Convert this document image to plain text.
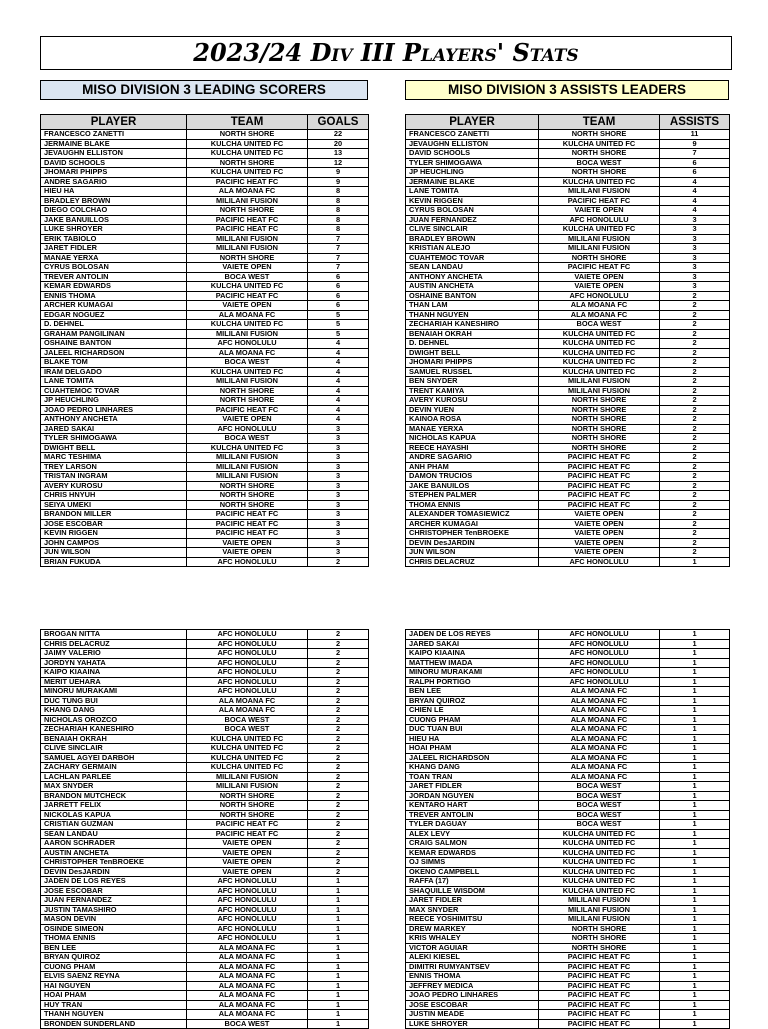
2023/24 Div III Players' Stats
MISO DIVISION 3 LEADING SCORERS	MISO DIVISION 3 ASSISTS LEADERS
PLAYER	TEAM	GOALS
FRANCESCO ZANETTI	NORTH SHORE	22
JERMAINE BLAKE	KULCHA UNITED FC	20
JEVAUGHN ELLISTON	KULCHA UNITED FC	13
DAVID SCHOOLS	NORTH SHORE	12
JHOMARI PHIPPS	KULCHA UNITED FC	9
ANDRE SAGARIO	PACIFIC HEAT FC	9
HIEU HA	ALA MOANA FC	8
BRADLEY BROWN	MILILANI FUSION	8
DIEGO COLCHAO	NORTH SHORE	8
JAKE BANUILLOS	PACIFIC HEAT FC	8
LUKE SHROYER	PACIFIC HEAT FC	8
ERIK TABIOLO	MILILANI FUSION	7
JARET FIDLER	MILILANI FUSION	7
MANAE YERXA	NORTH SHORE	7
CYRUS BOLOSAN	VAIETE OPEN	7
TREVER ANTOLIN	BOCA WEST	6
KEMAR EDWARDS	KULCHA UNITED FC	6
ENNIS THOMA	PACIFIC HEAT FC	6
ARCHER KUMAGAI	VAIETE OPEN	6
EDGAR NOGUEZ	ALA MOANA FC	5
D. DEHNEL	KULCHA UNITED FC	5
GRAHAM PANGILINAN	MILILANI FUSION	5
OSHAINE BANTON	AFC HONOLULU	4
JALEEL RICHARDSON	ALA MOANA FC	4
BLAKE TOM	BOCA WEST	4
IRAM DELGADO	KULCHA UNITED FC	4
LANE TOMITA	MILILANI FUSION	4
CUAHTEMOC TOVAR	NORTH SHORE	4
JP HEUCHLING	NORTH SHORE	4
JOAO PEDRO LINHARES	PACIFIC HEAT FC	4
ANTHONY ANCHETA	VAIETE OPEN	4
JARED SAKAI	AFC HONOLULU	3
TYLER SHIMOGAWA	BOCA WEST	3
DWIGHT BELL	KULCHA UNITED FC	3
MARC TESHIMA	MILILANI FUSION	3
TREY LARSON	MILILANI FUSION	3
TRISTAN INGRAM	MILILANI FUSION	3
AVERY KUROSU	NORTH SHORE	3
CHRIS HNYUH	NORTH SHORE	3
SEIYA UMEKI	NORTH SHORE	3
BRANDON MILLER	PACIFIC HEAT FC	3
JOSE ESCOBAR	PACIFIC HEAT FC	3
KEVIN RIGGEN	PACIFIC HEAT FC	3
JOHN CAMPOS	VAIETE OPEN	3
JUN WILSON	VAIETE OPEN	3
BRIAN FUKUDA	AFC HONOLULU	2
PLAYER	TEAM	ASSISTS
FRANCESCO ZANETTI	NORTH SHORE	11
JEVAUGHN ELLISTON	KULCHA UNITED FC	9
DAVID SCHOOLS	NORTH SHORE	7
TYLER SHIMOGAWA	BOCA WEST	6
JP HEUCHLING	NORTH SHORE	6
JERMAINE BLAKE	KULCHA UNITED FC	4
LANE TOMITA	MILILANI FUSION	4
KEVIN RIGGEN	PACIFIC HEAT FC	4
CYRUS BOLOSAN	VAIETE OPEN	4
JUAN FERNANDEZ	AFC HONOLULU	3
CLIVE SINCLAIR	KULCHA UNITED FC	3
BRADLEY BROWN	MILILANI FUSION	3
KRISTIAN ALEJO	MILILANI FUSION	3
CUAHTEMOC TOVAR	NORTH SHORE	3
SEAN LANDAU	PACIFIC HEAT FC	3
ANTHONY ANCHETA	VAIETE OPEN	3
AUSTIN ANCHETA	VAIETE OPEN	3
OSHAINE BANTON	AFC HONOLULU	2
THAN LAM	ALA MOANA FC	2
THANH NGUYEN	ALA MOANA FC	2
ZECHARIAH KANESHIRO	BOCA WEST	2
BENAIAH OKRAH	KULCHA UNITED FC	2
D. DEHNEL	KULCHA UNITED FC	2
DWIGHT BELL	KULCHA UNITED FC	2
JHOMARI PHIPPS	KULCHA UNITED FC	2
SAMUEL RUSSEL	KULCHA UNITED FC	2
BEN SNYDER	MILILANI FUSION	2
TRENT KAMIYA	MILILANI FUSION	2
AVERY KUROSU	NORTH SHORE	2
DEVIN YUEN	NORTH SHORE	2
KAINOA ROSA	NORTH SHORE	2
MANAE YERXA	NORTH SHORE	2
NICHOLAS KAPUA	NORTH SHORE	2
REECE HAYASHI	NORTH SHORE	2
ANDRE SAGARIO	PACIFIC HEAT FC	2
ANH PHAM	PACIFIC HEAT FC	2
DAMON TRUCIOS	PACIFIC HEAT FC	2
JAKE BANUILOS	PACIFIC HEAT FC	2
STEPHEN PALMER	PACIFIC HEAT FC	2
THOMA ENNIS	PACIFIC HEAT FC	2
ALEXANDER TOMASIEWICZ	VAIETE OPEN	2
ARCHER KUMAGAI	VAIETE OPEN	2
CHRISTOPHER TenBROEKE	VAIETE OPEN	2
DEVIN DesJARDIN	VAIETE OPEN	2
JUN WILSON	VAIETE OPEN	2
CHRIS DELACRUZ	AFC HONOLULU	1
BROGAN NITTA	AFC HONOLULU	2
CHRIS DELACRUZ	AFC HONOLULU	2
JAIMY VALERIO	AFC HONOLULU	2
JORDYN YAHATA	AFC HONOLULU	2
KAIPO KIAAINA	AFC HONOLULU	2
MERIT UEHARA	AFC HONOLULU	2
MINORU MURAKAMI	AFC HONOLULU	2
DUC TUNG BUI	ALA MOANA FC	2
KHANG DANG	ALA MOANA FC	2
NICHOLAS OROZCO	BOCA WEST	2
ZECHARIAH KANESHIRO	BOCA WEST	2
BENAIAH OKRAH	KULCHA UNITED FC	2
CLIVE SINCLAIR	KULCHA UNITED FC	2
SAMUEL AGYEI DARBOH	KULCHA UNITED FC	2
ZACHARY GERMAIN	KULCHA UNITED FC	2
LACHLAN PARLEE	MILILANI FUSION	2
MAX SNYDER	MILILANI FUSION	2
BRANDON MUTCHECK	NORTH SHORE	2
JARRETT FELIX	NORTH SHORE	2
NICKOLAS KAPUA	NORTH SHORE	2
CRISTIAN GUZMAN	PACIFIC HEAT FC	2
SEAN LANDAU	PACIFIC HEAT FC	2
AARON SCHRADER	VAIETE OPEN	2
AUSTIN ANCHETA	VAIETE OPEN	2
CHRISTOPHER TenBROEKE	VAIETE OPEN	2
DEVIN DesJARDIN	VAIETE OPEN	2
JADEN DE LOS REYES	AFC HONOLULU	1
JOSE ESCOBAR	AFC HONOLULU	1
JUAN FERNANDEZ	AFC HONOLULU	1
JUSTIN TAMASHIRO	AFC HONOLULU	1
MASON DEVIN	AFC HONOLULU	1
OSINDE SIMEON	AFC HONOLULU	1
THOMA ENNIS	AFC HONOLULU	1
BEN LEE	ALA MOANA FC	1
BRYAN QUIROZ	ALA MOANA FC	1
CUONG PHAM	ALA MOANA FC	1
ELVIS SAENZ REYNA	ALA MOANA FC	1
HAI NGUYEN	ALA MOANA FC	1
HOAI PHAM	ALA MOANA FC	1
HUY TRAN	ALA MOANA FC	1
THANH NGUYEN	ALA MOANA FC	1
BRONDEN SUNDERLAND	BOCA WEST	1
JADEN DE LOS REYES	AFC HONOLULU	1
JARED SAKAI	AFC HONOLULU	1
KAIPO KIAAINA	AFC HONOLULU	1
MATTHEW IMADA	AFC HONOLULU	1
MINORU MURAKAMI	AFC HONOLULU	1
RALPH PORTIGO	AFC HONOLULU	1
BEN LEE	ALA MOANA FC	1
BRYAN QUIROZ	ALA MOANA FC	1
CHIEN LE	ALA MOANA FC	1
CUONG PHAM	ALA MOANA FC	1
DUC TUAN BUI	ALA MOANA FC	1
HIEU HA	ALA MOANA FC	1
HOAI PHAM	ALA MOANA FC	1
JALEEL RICHARDSON	ALA MOANA FC	1
KHANG DANG	ALA MOANA FC	1
TOAN TRAN	ALA MOANA FC	1
JARET FIDLER	BOCA WEST	1
JORDAN NGUYEN	BOCA WEST	1
KENTARO HART	BOCA WEST	1
TREVER ANTOLIN	BOCA WEST	1
TYLER DAGUAY	BOCA WEST	1
ALEX LEVY	KULCHA UNITED FC	1
CRAIG SALMON	KULCHA UNITED FC	1
KEMAR EDWARDS	KULCHA UNITED FC	1
OJ SIMMS	KULCHA UNITED FC	1
OKENO CAMPBELL	KULCHA UNITED FC	1
RAFFA (17)	KULCHA UNITED FC	1
SHAQUILLE WISDOM	KULCHA UNITED FC	1
JARET FIDLER	MILILANI FUSION	1
MAX SNYDER	MILILANI FUSION	1
REECE YOSHIMITSU	MILILANI FUSION	1
DREW MARKEY	NORTH SHORE	1
KRIS WHALEY	NORTH SHORE	1
VICTOR AGUIAR	NORTH SHORE	1
ALEKI KIESEL	PACIFIC HEAT FC	1
DIMITRI RUMYANTSEV	PACIFIC HEAT FC	1
ENNIS THOMA	PACIFIC HEAT FC	1
JEFFREY MEDICA	PACIFIC HEAT FC	1
JOAO PEDRO LINHARES	PACIFIC HEAT FC	1
JOSE ESCOBAR	PACIFIC HEAT FC	1
JUSTIN MEADE	PACIFIC HEAT FC	1
LUKE SHROYER	PACIFIC HEAT FC	1
